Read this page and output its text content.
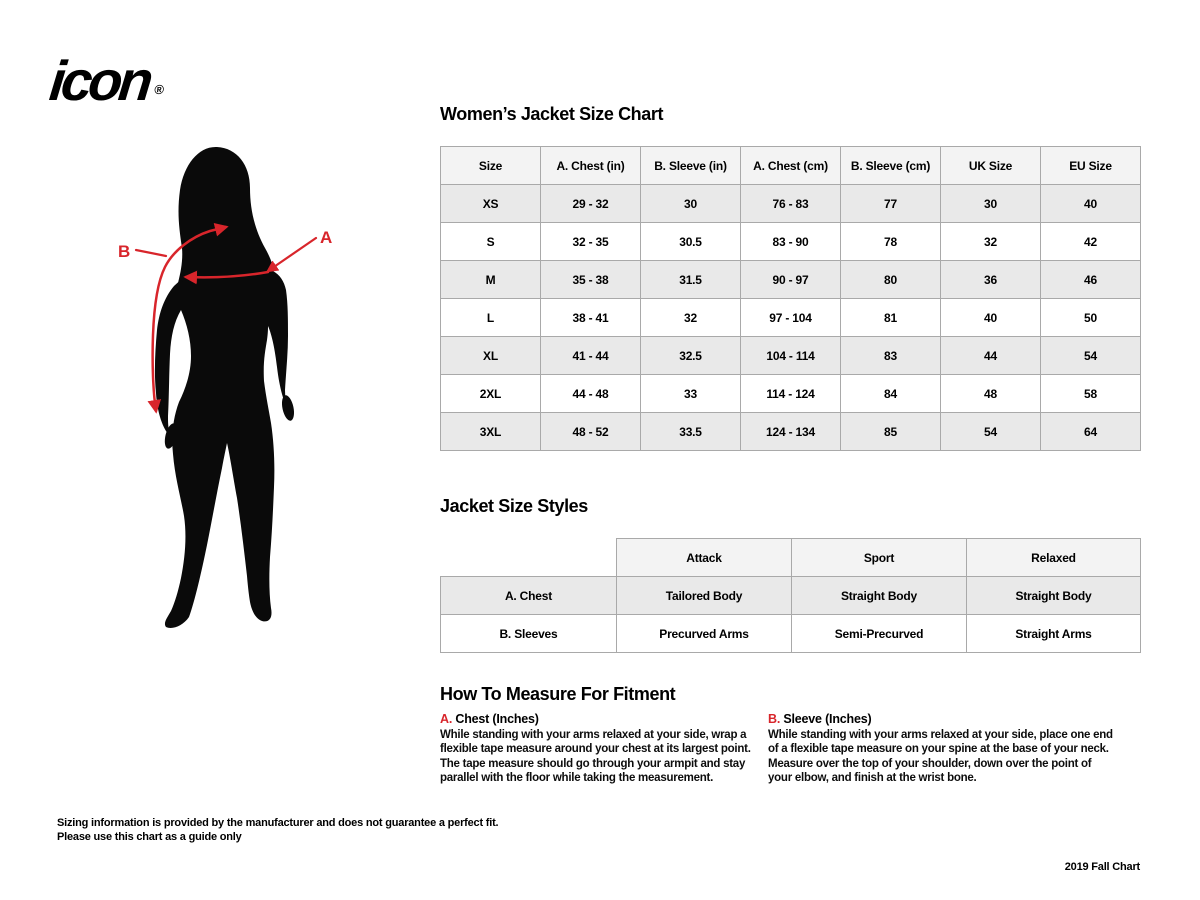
icon®
A
B
Women’s Jacket Size Chart
Size	A. Chest (in)	B. Sleeve (in)	A. Chest (cm)	B. Sleeve (cm)	UK Size	EU Size
XS	29 - 32	30	76 - 83	77	30	40
S	32 - 35	30.5	83 - 90	78	32	42
M	35 - 38	31.5	90 - 97	80	36	46
L	38 - 41	32	97 - 104	81	40	50
XL	41 - 44	32.5	104 - 114	83	44	54
2XL	44 - 48	33	114 - 124	84	48	58
3XL	48 - 52	33.5	124 - 134	85	54	64
Jacket Size Styles
	Attack	Sport	Relaxed
A. Chest	Tailored Body	Straight Body	Straight Body
B. Sleeves	Precurved Arms	Semi-Precurved	Straight Arms
How To Measure For Fitment
A. Chest (Inches)
While standing with your arms relaxed at your side, wrap a flexible tape measure around your chest at its largest point. The tape measure should go through your armpit and stay parallel with the floor while taking the measurement.
B. Sleeve (Inches)
While standing with your arms relaxed at your side, place one end of a flexible tape measure on your spine at the base of your neck. Measure over the top of your shoulder, down over the point of your elbow, and finish at the wrist bone.
Sizing information is provided by the manufacturer and does not guarantee a perfect fit.
Please use this chart as a guide only
2019 Fall Chart
